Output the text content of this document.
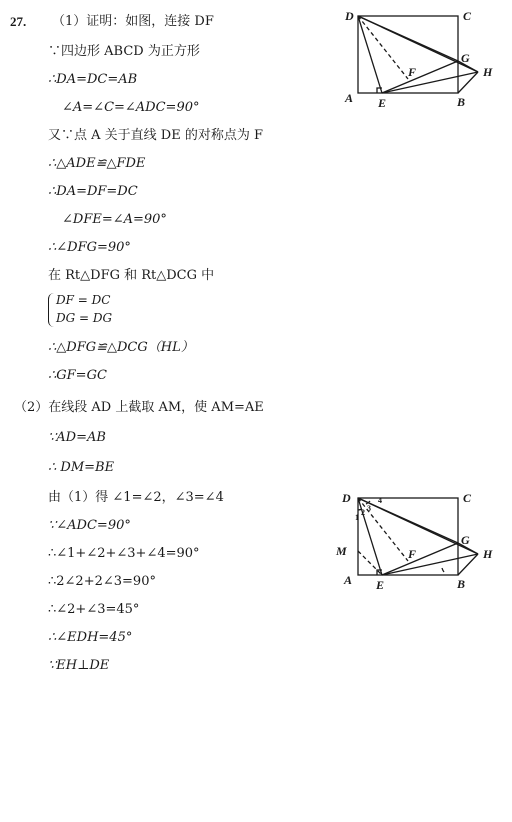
27. （1）证明：如图，连接 DF
∵四边形 ABCD 为正方形
∴DA=DC=AB
∠A=∠C=∠ADC=90°
又∵点 A 关于直线 DE 的对称点为 F
∴△ADE≌△FDE
∴DA=DF=DC
∠DFE=∠A=90°
∴∠DFG=90°
在 Rt△DFG 和 Rt△DCG 中
DF = DC
DG = DG
∴△DFG≌△DCG（HL）
∴GF=GC
（2）在线段 AD 上截取 AM，使 AM=AE
∵AD=AB
∴ DM=BE
由（1）得 ∠1=∠2，∠3=∠4
∵∠ADC=90°
∴∠1+∠2+∠3+∠4=90°
∴2∠2+2∠3=90°
∴∠2+∠3=45°
∴∠EDH=45°
∵EH⊥DE
D	C
A	B
E
F
G
H
1
2 3
4
D	C
M
A	B
E
F
G
H
